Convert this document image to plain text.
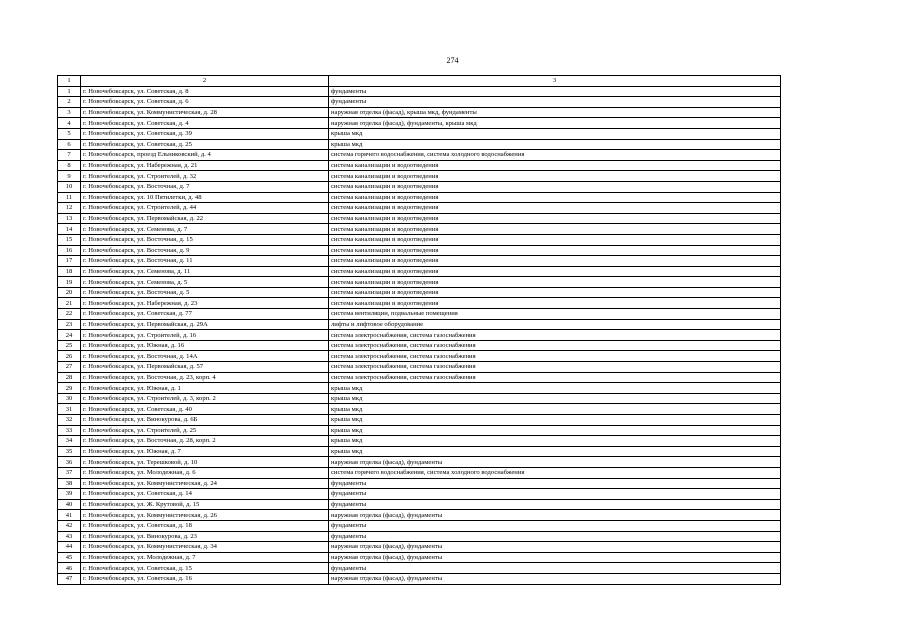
274
1	2	3
1	г. Новочебоксарск, ул. Советская, д. 8	фундаменты
2	г. Новочебоксарск, ул. Советская, д. 6	фундаменты
3	г. Новочебоксарск, ул. Коммунистическая, д. 28	наружная отделка (фасад), крыша мкд, фундаменты
4	г. Новочебоксарск, ул. Советская, д. 4	наружная отделка (фасад), фундаменты, крыша мкд
5	г. Новочебоксарск, ул. Советская, д. 39	крыша мкд
6	г. Новочебоксарск, ул. Советская, д. 25	крыша мкд
7	г. Новочебоксарск, проезд Ельниковский, д. 4	система горячего водоснабжения, система холодного водоснабжения
8	г. Новочебоксарск, ул. Набережная, д. 21	система канализации и водоотведения
9	г. Новочебоксарск, ул. Строителей, д. 32	система канализации и водоотведения
10	г. Новочебоксарск, ул. Восточная, д. 7	система канализации и водоотведения
11	г. Новочебоксарск, ул. 10 Пятилетки, д. 48	система канализации и водоотведения
12	г. Новочебоксарск, ул. Строителей, д. 44	система канализации и водоотведения
13	г. Новочебоксарск, ул. Первомайская, д. 22	система канализации и водоотведения
14	г. Новочебоксарск, ул. Семенова, д. 7	система канализации и водоотведения
15	г. Новочебоксарск, ул. Восточная, д. 15	система канализации и водоотведения
16	г. Новочебоксарск, ул. Восточная, д. 9	система канализации и водоотведения
17	г. Новочебоксарск, ул. Восточная, д. 11	система канализации и водоотведения
18	г. Новочебоксарск, ул. Семенова, д. 11	система канализации и водоотведения
19	г. Новочебоксарск, ул. Семенова, д. 5	система канализации и водоотведения
20	г. Новочебоксарск, ул. Восточная, д. 5	система канализации и водоотведения
21	г. Новочебоксарск, ул. Набережная, д. 23	система канализации и водоотведения
22	г. Новочебоксарск, ул. Советская, д. 77	система вентиляции, подвальные помещения
23	г. Новочебоксарск, ул. Первомайская, д. 29А	лифты и лифтовое оборудование
24	г. Новочебоксарск, ул. Строителей, д. 16	система электроснабжения, система газоснабжения
25	г. Новочебоксарск, ул. Южная, д. 16	система электроснабжения, система газоснабжения
26	г. Новочебоксарск, ул. Восточная, д. 14А	система электроснабжения, система газоснабжения
27	г. Новочебоксарск, ул. Первомайская, д. 57	система электроснабжения, система газоснабжения
28	г. Новочебоксарск, ул. Восточная, д. 23, корп. 4	система электроснабжения, система газоснабжения
29	г. Новочебоксарск, ул. Южная, д. 1	крыша мкд
30	г. Новочебоксарск, ул. Строителей, д. 3, корп. 2	крыша мкд
31	г. Новочебоксарск, ул. Советская, д. 40	крыша мкд
32	г. Новочебоксарск, ул. Винокурова, д. 6Б	крыша мкд
33	г. Новочебоксарск, ул. Строителей, д. 25	крыша мкд
34	г. Новочебоксарск, ул. Восточная, д. 28, корп. 2	крыша мкд
35	г. Новочебоксарск, ул. Южная, д. 7	крыша мкд
36	г. Новочебоксарск, ул. Терешковой, д. 10	наружная отделка (фасад), фундаменты
37	г. Новочебоксарск, ул. Молодежная, д. 6	система горячего водоснабжения, система холодного водоснабжения
38	г. Новочебоксарск, ул. Коммунистическая, д. 24	фундаменты
39	г. Новочебоксарск, ул. Советская, д. 14	фундаменты
40	г. Новочебоксарск, ул. Ж. Крутовой, д. 15	фундаменты
41	г. Новочебоксарск, ул. Коммунистическая, д. 26	наружная отделка (фасад), фундаменты
42	г. Новочебоксарск, ул. Советская, д. 18	фундаменты
43	г. Новочебоксарск, ул. Винокурова, д. 23	фундаменты
44	г. Новочебоксарск, ул. Коммунистическая, д. 34	наружная отделка (фасад), фундаменты
45	г. Новочебоксарск, ул. Молодежная, д. 7	наружная отделка (фасад), фундаменты
46	г. Новочебоксарск, ул. Советская, д. 15	фундаменты
47	г. Новочебоксарск, ул. Советская, д. 16	наружная отделка (фасад), фундаменты
